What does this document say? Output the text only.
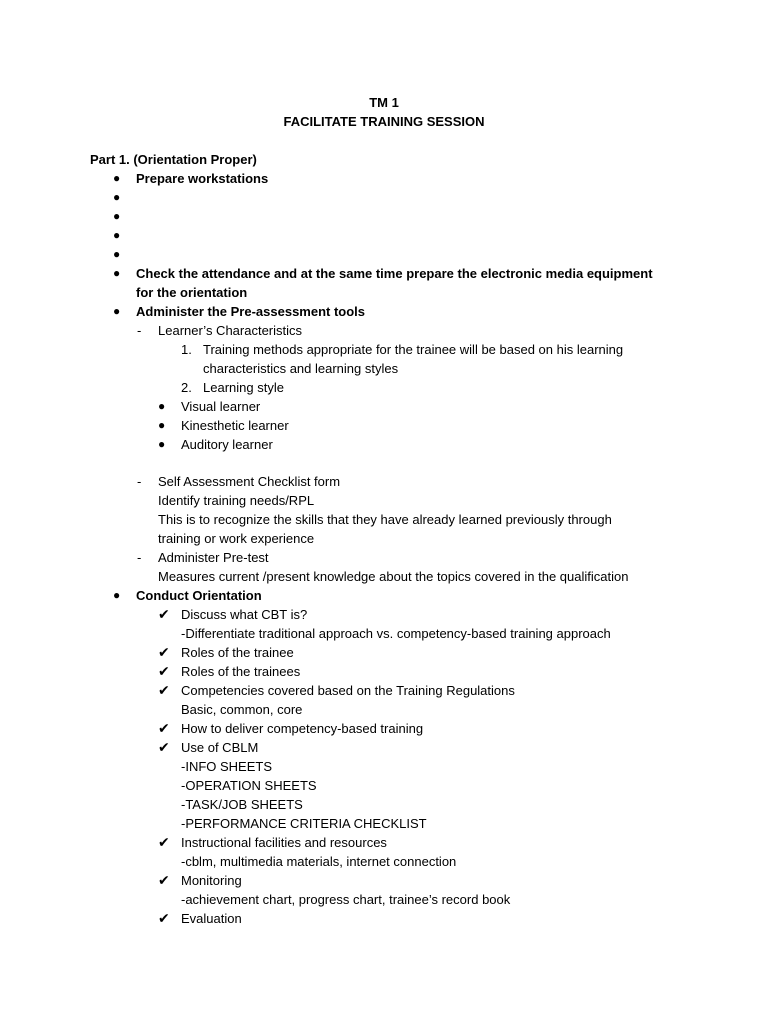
TM 1
FACILITATE TRAINING SESSION
Part 1. (Orientation Proper)
● Prepare workstations
●
●
●
●
● Check the attendance and at the same time prepare the electronic media equipment
for the orientation
● Administer the Pre-assessment tools
- Learner’s Characteristics
1. Training methods appropriate for the trainee will be based on his learning
characteristics and learning styles
2. Learning style
● Visual learner
● Kinesthetic learner
● Auditory learner
- Self Assessment Checklist form
Identify training needs/RPL
This is to recognize the skills that they have already learned previously through
training or work experience
- Administer Pre-test
Measures current /present knowledge about the topics covered in the qualification
● Conduct Orientation
✔ Discuss what CBT is?
-Differentiate traditional approach vs. competency-based training approach
✔ Roles of the trainee
✔ Roles of the trainees
✔ Competencies covered based on the Training Regulations
Basic, common, core
✔ How to deliver competency-based training
✔ Use of CBLM
-INFO SHEETS
-OPERATION SHEETS
-TASK/JOB SHEETS
-PERFORMANCE CRITERIA CHECKLIST
✔ Instructional facilities and resources
-cblm, multimedia materials, internet connection
✔ Monitoring
-achievement chart, progress chart, trainee’s record book
✔ Evaluation
